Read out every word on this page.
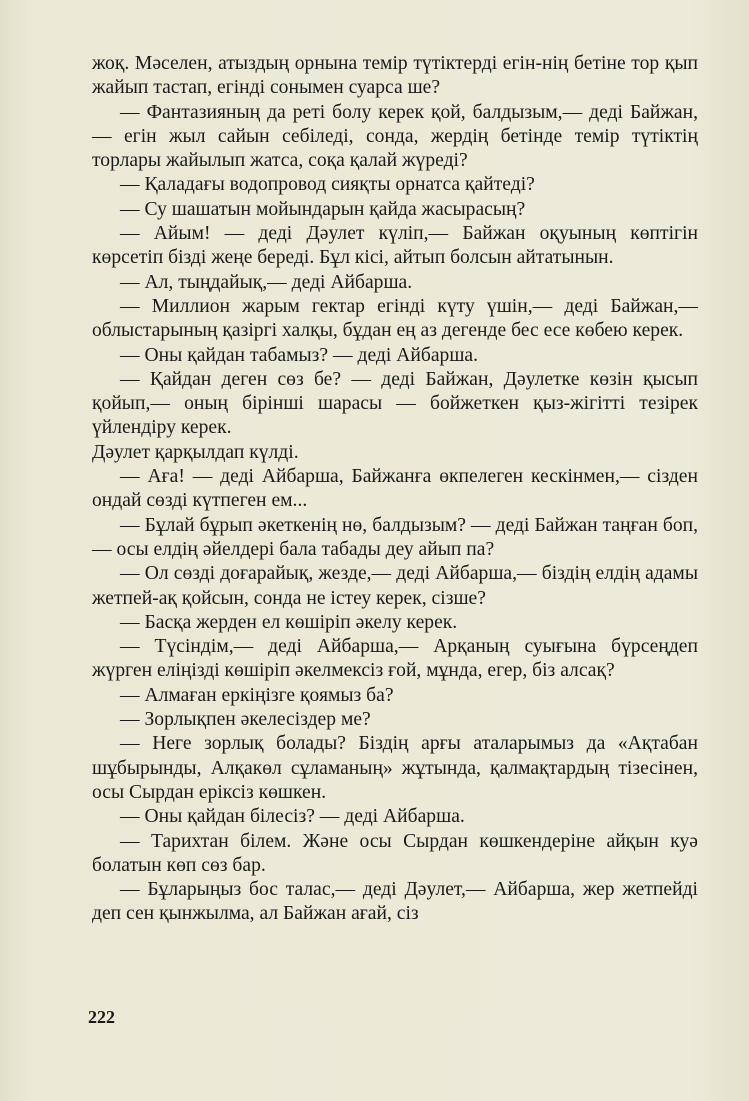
жоқ. Мәселен, атыздың орнына темір түтіктерді егін-нің бетіне тор қып жайып тастап, егінді сонымен суарса ше?

— Фантазияның да реті болу керек қой, балдызым,— деді Байжан,— егін жыл сайын себіледі, сонда, жердің бетінде темір түтіктің торлары жайылып жатса, соқа қалай жүреді?

— Қаладағы водопровод сияқты орнатса қайтеді?

— Су шашатын мойындарын қайда жасырасың?

— Айым! — деді Дәулет күліп,— Байжан оқуының көптігін көрсетіп бізді жеңе береді. Бұл кісі, айтып болсын айтатынын.

— Ал, тыңдайық,— деді Айбарша.

— Миллион жарым гектар егінді күту үшін,— деді Байжан,— облыстарының қазіргі халқы, бұдан ең аз дегенде бес есе көбею керек.

— Оны қайдан табамыз? — деді Айбарша.

— Қайдан деген сөз бе? — деді Байжан, Дәулетке көзін қысып қойып,— оның бірінші шарасы — бойжеткен қыз-жігітті тезірек үйлендіру керек.

Дәулет қарқылдап күлді.

— Аға! — деді Айбарша, Байжанға өкпелеген кескінмен,— сізден ондай сөзді күтпеген ем...

— Бұлай бұрып әкеткенің нө, балдызым? — деді Байжан таңған боп,— осы елдің әйелдері бала табады деу айып па?

— Ол сөзді доғарайық, жезде,— деді Айбарша,— біздің елдің адамы жетпей-ақ қойсын, сонда не істеу керек, сізше?

— Басқа жерден ел көшіріп әкелу керек.

— Түсіндім,— деді Айбарша,— Арқаның суығына бүрсеңдеп жүрген еліңізді көшіріп әкелмексіз ғой, мұнда, егер, біз алсақ?

— Алмаған еркіңізге қоямыз ба?

— Зорлықпен әкелесіздер ме?

— Неге зорлық болады? Біздің арғы аталарымыз да «Ақтабан шұбырынды, Алқакөл сұламаның» жұтында, қалмақтардың тізесінен, осы Сырдан еріксіз көшкен.

— Оны қайдан білесіз? — деді Айбарша.

— Тарихтан білем. Және осы Сырдан көшкендеріне айқын куә болатын көп сөз бар.

— Бұларыңыз бос талас,— деді Дәулет,— Айбарша, жер жетпейді деп сен қынжылма, ал Байжан ағай, сіз

222
